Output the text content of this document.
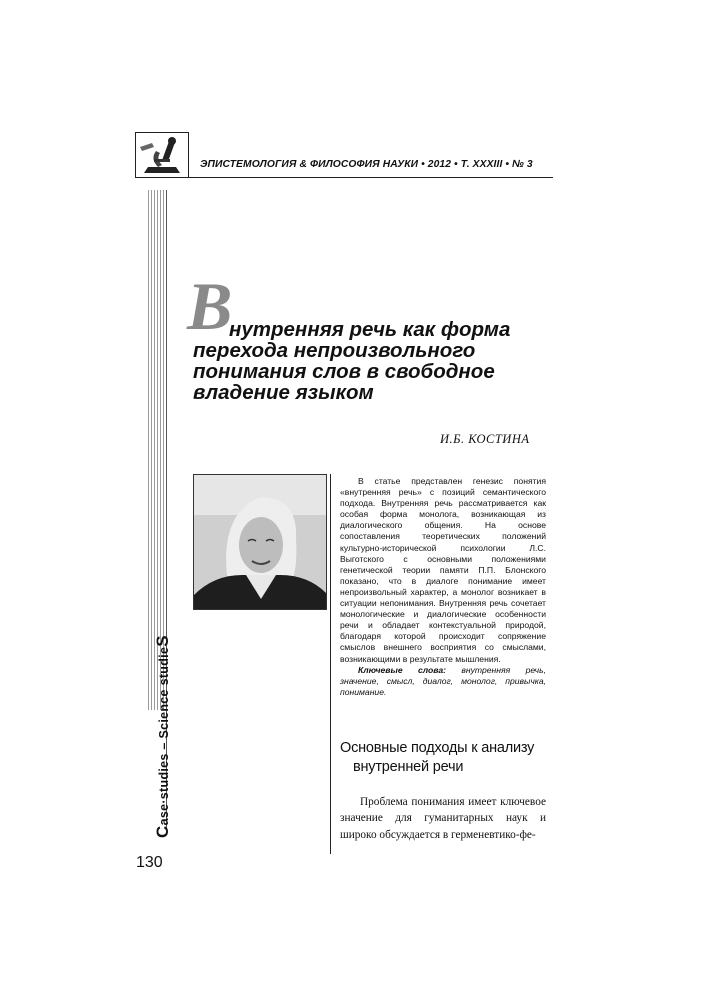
ЭПИСТЕМОЛОГИЯ & ФИЛОСОФИЯ НАУКИ • 2012 • Т. XXXIII • № 3
Case·studies – Science studieS
130
В
нутренняя речь как форма
перехода непроизвольного
понимания слов в свободное
владение языком
И.Б. КОСТИНА

В статье представлен генезис понятия «внутренняя речь» с позиций семантического подхода. Внутренняя речь рассматривается как особая форма монолога, возникающая из диалогического общения. На основе сопоставления теоретических положений культурно-исторической психологии Л.С. Выготского с основными положениями генетической теории памяти П.П. Блонского показано, что в диалоге понимание имеет непроизвольный характер, а монолог возникает в ситуации непонимания. Внутренняя речь сочетает монологические и диалогические особенности речи и обладает контекстуальной природой, благодаря которой происходит сопряжение смыслов внешнего восприятия со смыслами, возникающими в результате мышления.

Ключевые слова: внутренняя речь, значение, смысл, диалог, монолог, привычка, понимание.

Основные подходы к анализу
внутренней речи

Проблема понимания имеет ключевое значение для гуманитарных наук и широко обсуждается в герменевтико-фе-
